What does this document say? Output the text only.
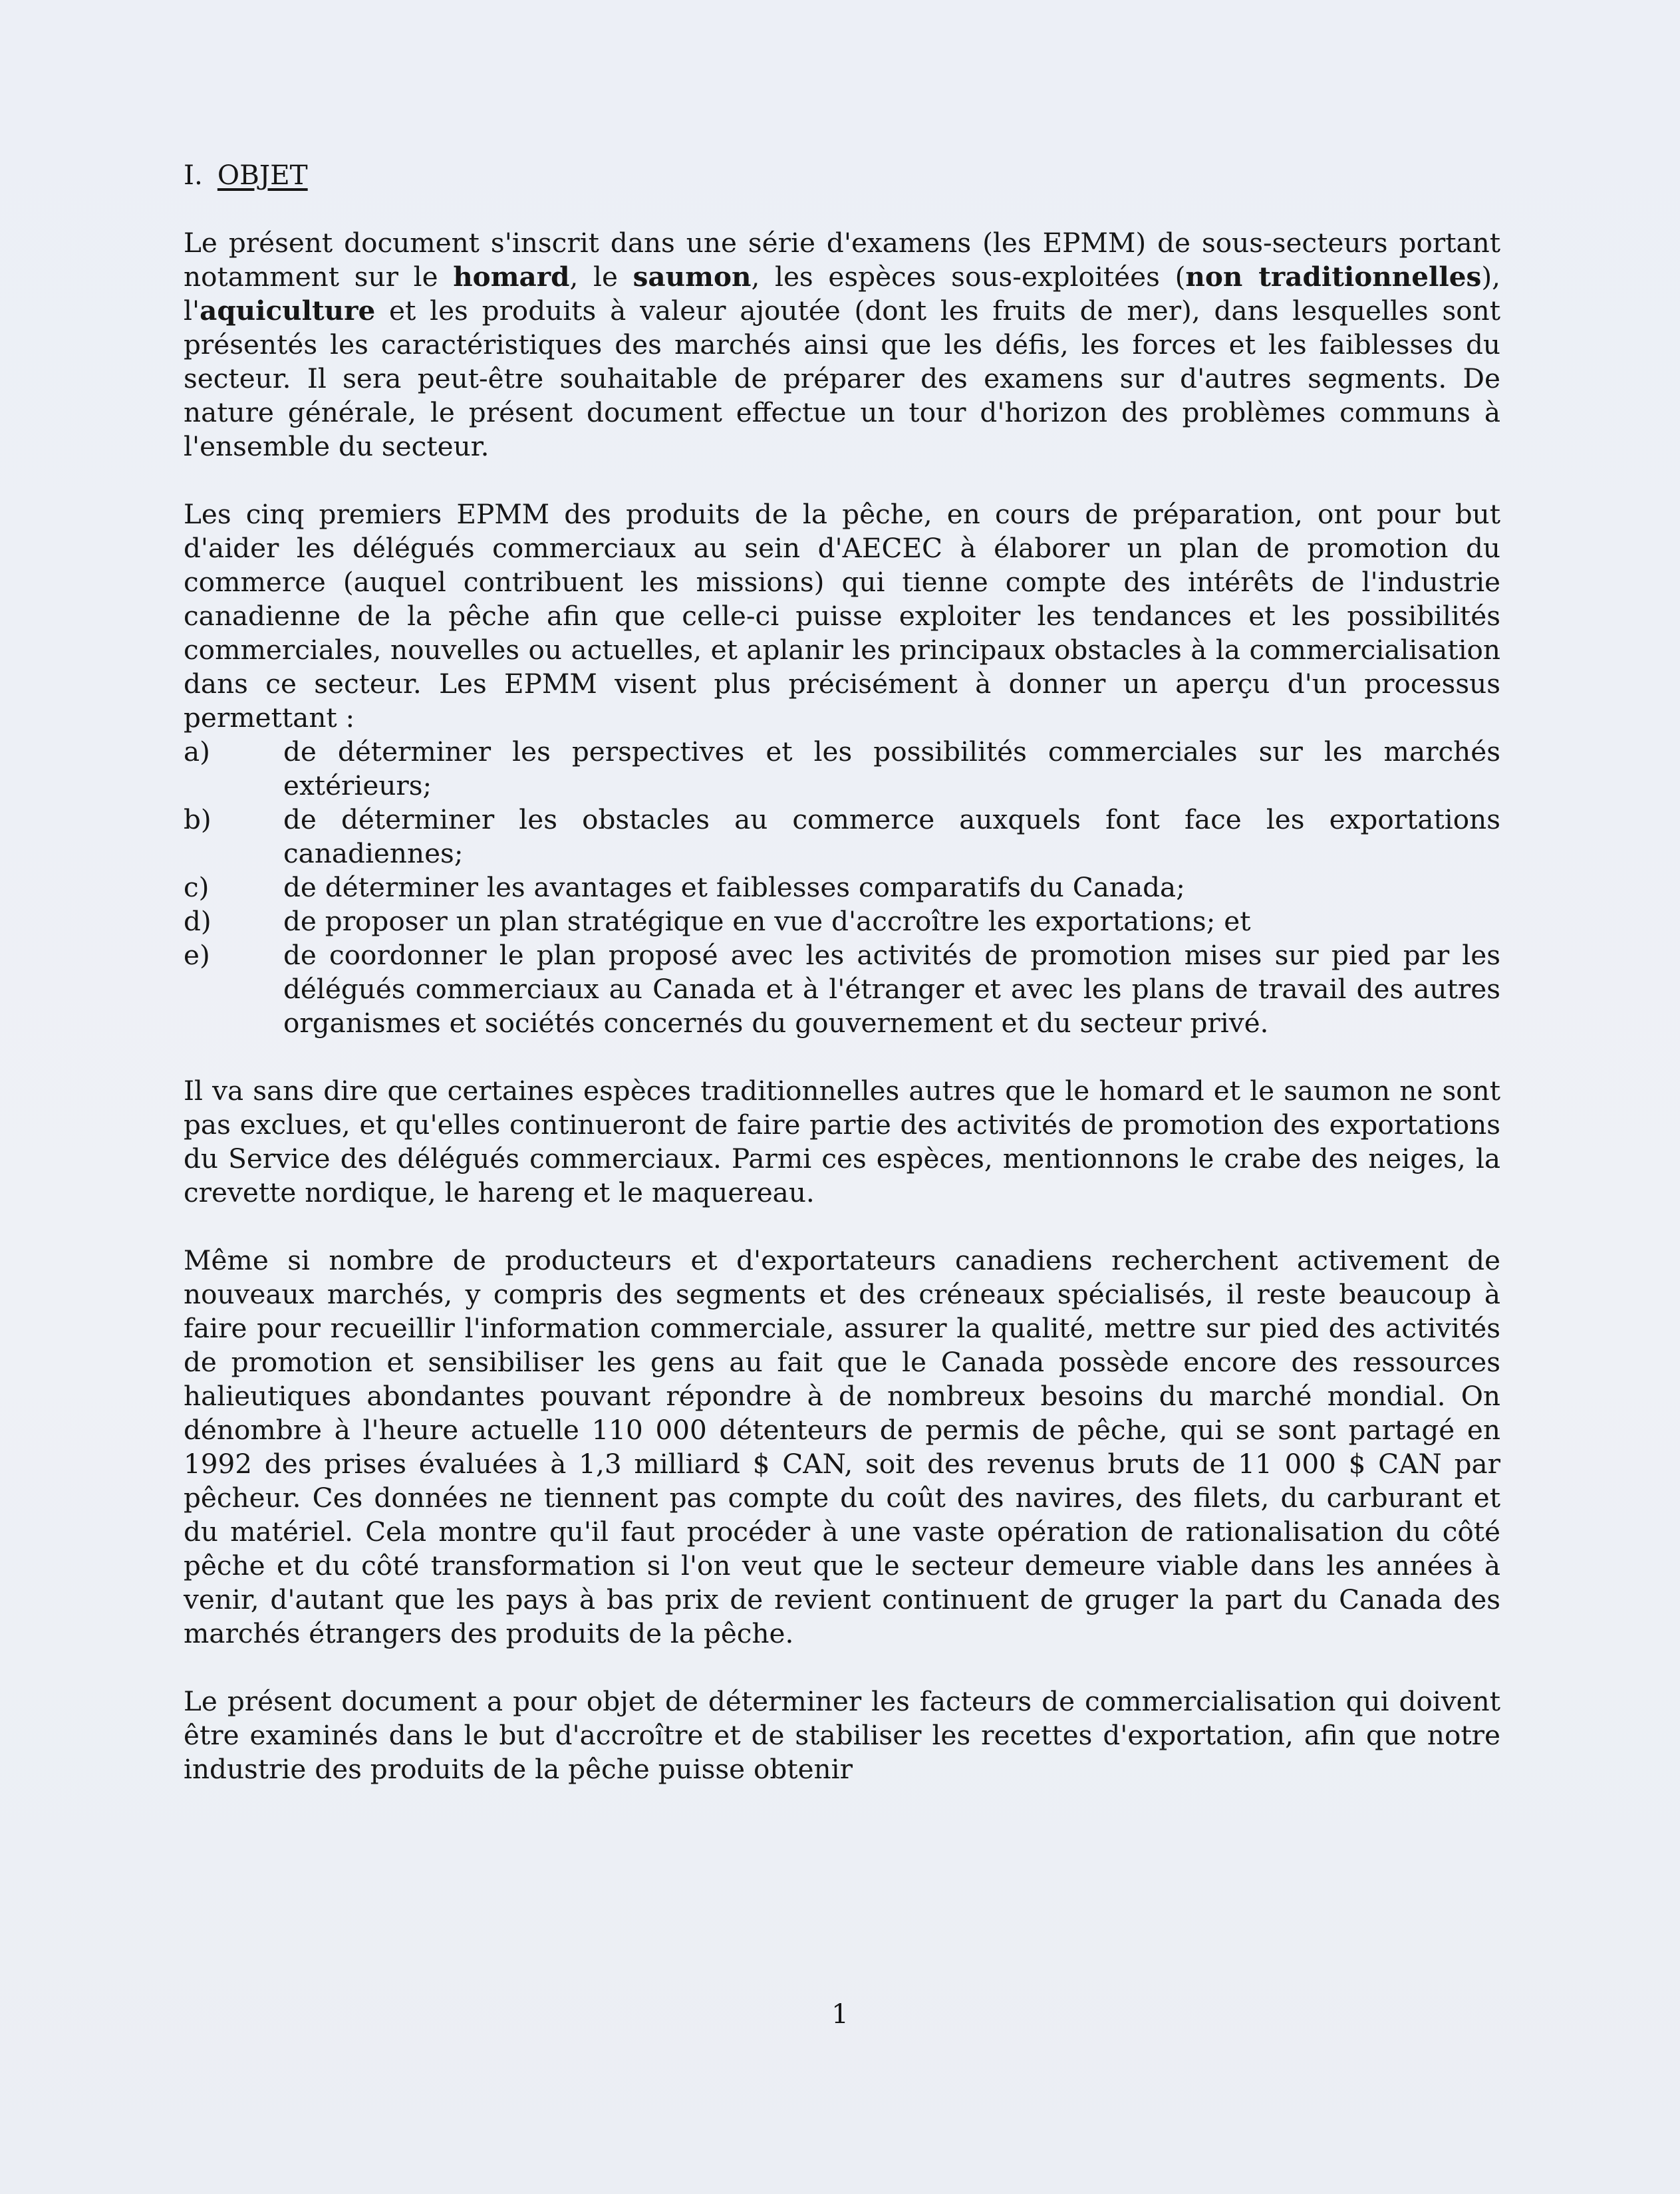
I. OBJET

Le présent document s'inscrit dans une série d'examens (les EPMM) de sous-secteurs portant notamment sur le homard, le saumon, les espèces sous-exploitées (non traditionnelles), l'aquiculture et les produits à valeur ajoutée (dont les fruits de mer), dans lesquelles sont présentés les caractéristiques des marchés ainsi que les défis, les forces et les faiblesses du secteur. Il sera peut-être souhaitable de préparer des examens sur d'autres segments. De nature générale, le présent document effectue un tour d'horizon des problèmes communs à l'ensemble du secteur.

Les cinq premiers EPMM des produits de la pêche, en cours de préparation, ont pour but d'aider les délégués commerciaux au sein d'AECEC à élaborer un plan de promotion du commerce (auquel contribuent les missions) qui tienne compte des intérêts de l'industrie canadienne de la pêche afin que celle-ci puisse exploiter les tendances et les possibilités commerciales, nouvelles ou actuelles, et aplanir les principaux obstacles à la commercialisation dans ce secteur. Les EPMM visent plus précisément à donner un aperçu d'un processus permettant :

a)	de déterminer les perspectives et les possibilités commerciales sur les marchés extérieurs;
b)	de déterminer les obstacles au commerce auxquels font face les exportations canadiennes;
c)	de déterminer les avantages et faiblesses comparatifs du Canada;
d)	de proposer un plan stratégique en vue d'accroître les exportations; et
e)	de coordonner le plan proposé avec les activités de promotion mises sur pied par les délégués commerciaux au Canada et à l'étranger et avec les plans de travail des autres organismes et sociétés concernés du gouvernement et du secteur privé.

Il va sans dire que certaines espèces traditionnelles autres que le homard et le saumon ne sont pas exclues, et qu'elles continueront de faire partie des activités de promotion des exportations du Service des délégués commerciaux. Parmi ces espèces, mentionnons le crabe des neiges, la crevette nordique, le hareng et le maquereau.

Même si nombre de producteurs et d'exportateurs canadiens recherchent activement de nouveaux marchés, y compris des segments et des créneaux spécialisés, il reste beaucoup à faire pour recueillir l'information commerciale, assurer la qualité, mettre sur pied des activités de promotion et sensibiliser les gens au fait que le Canada possède encore des ressources halieutiques abondantes pouvant répondre à de nombreux besoins du marché mondial. On dénombre à l'heure actuelle 110 000 détenteurs de permis de pêche, qui se sont partagé en 1992 des prises évaluées à 1,3 milliard $ CAN, soit des revenus bruts de 11 000 $ CAN par pêcheur. Ces données ne tiennent pas compte du coût des navires, des filets, du carburant et du matériel. Cela montre qu'il faut procéder à une vaste opération de rationalisation du côté pêche et du côté transformation si l'on veut que le secteur demeure viable dans les années à venir, d'autant que les pays à bas prix de revient continuent de gruger la part du Canada des marchés étrangers des produits de la pêche.

Le présent document a pour objet de déterminer les facteurs de commercialisation qui doivent être examinés dans le but d'accroître et de stabiliser les recettes d'exportation, afin que notre industrie des produits de la pêche puisse obtenir

1
